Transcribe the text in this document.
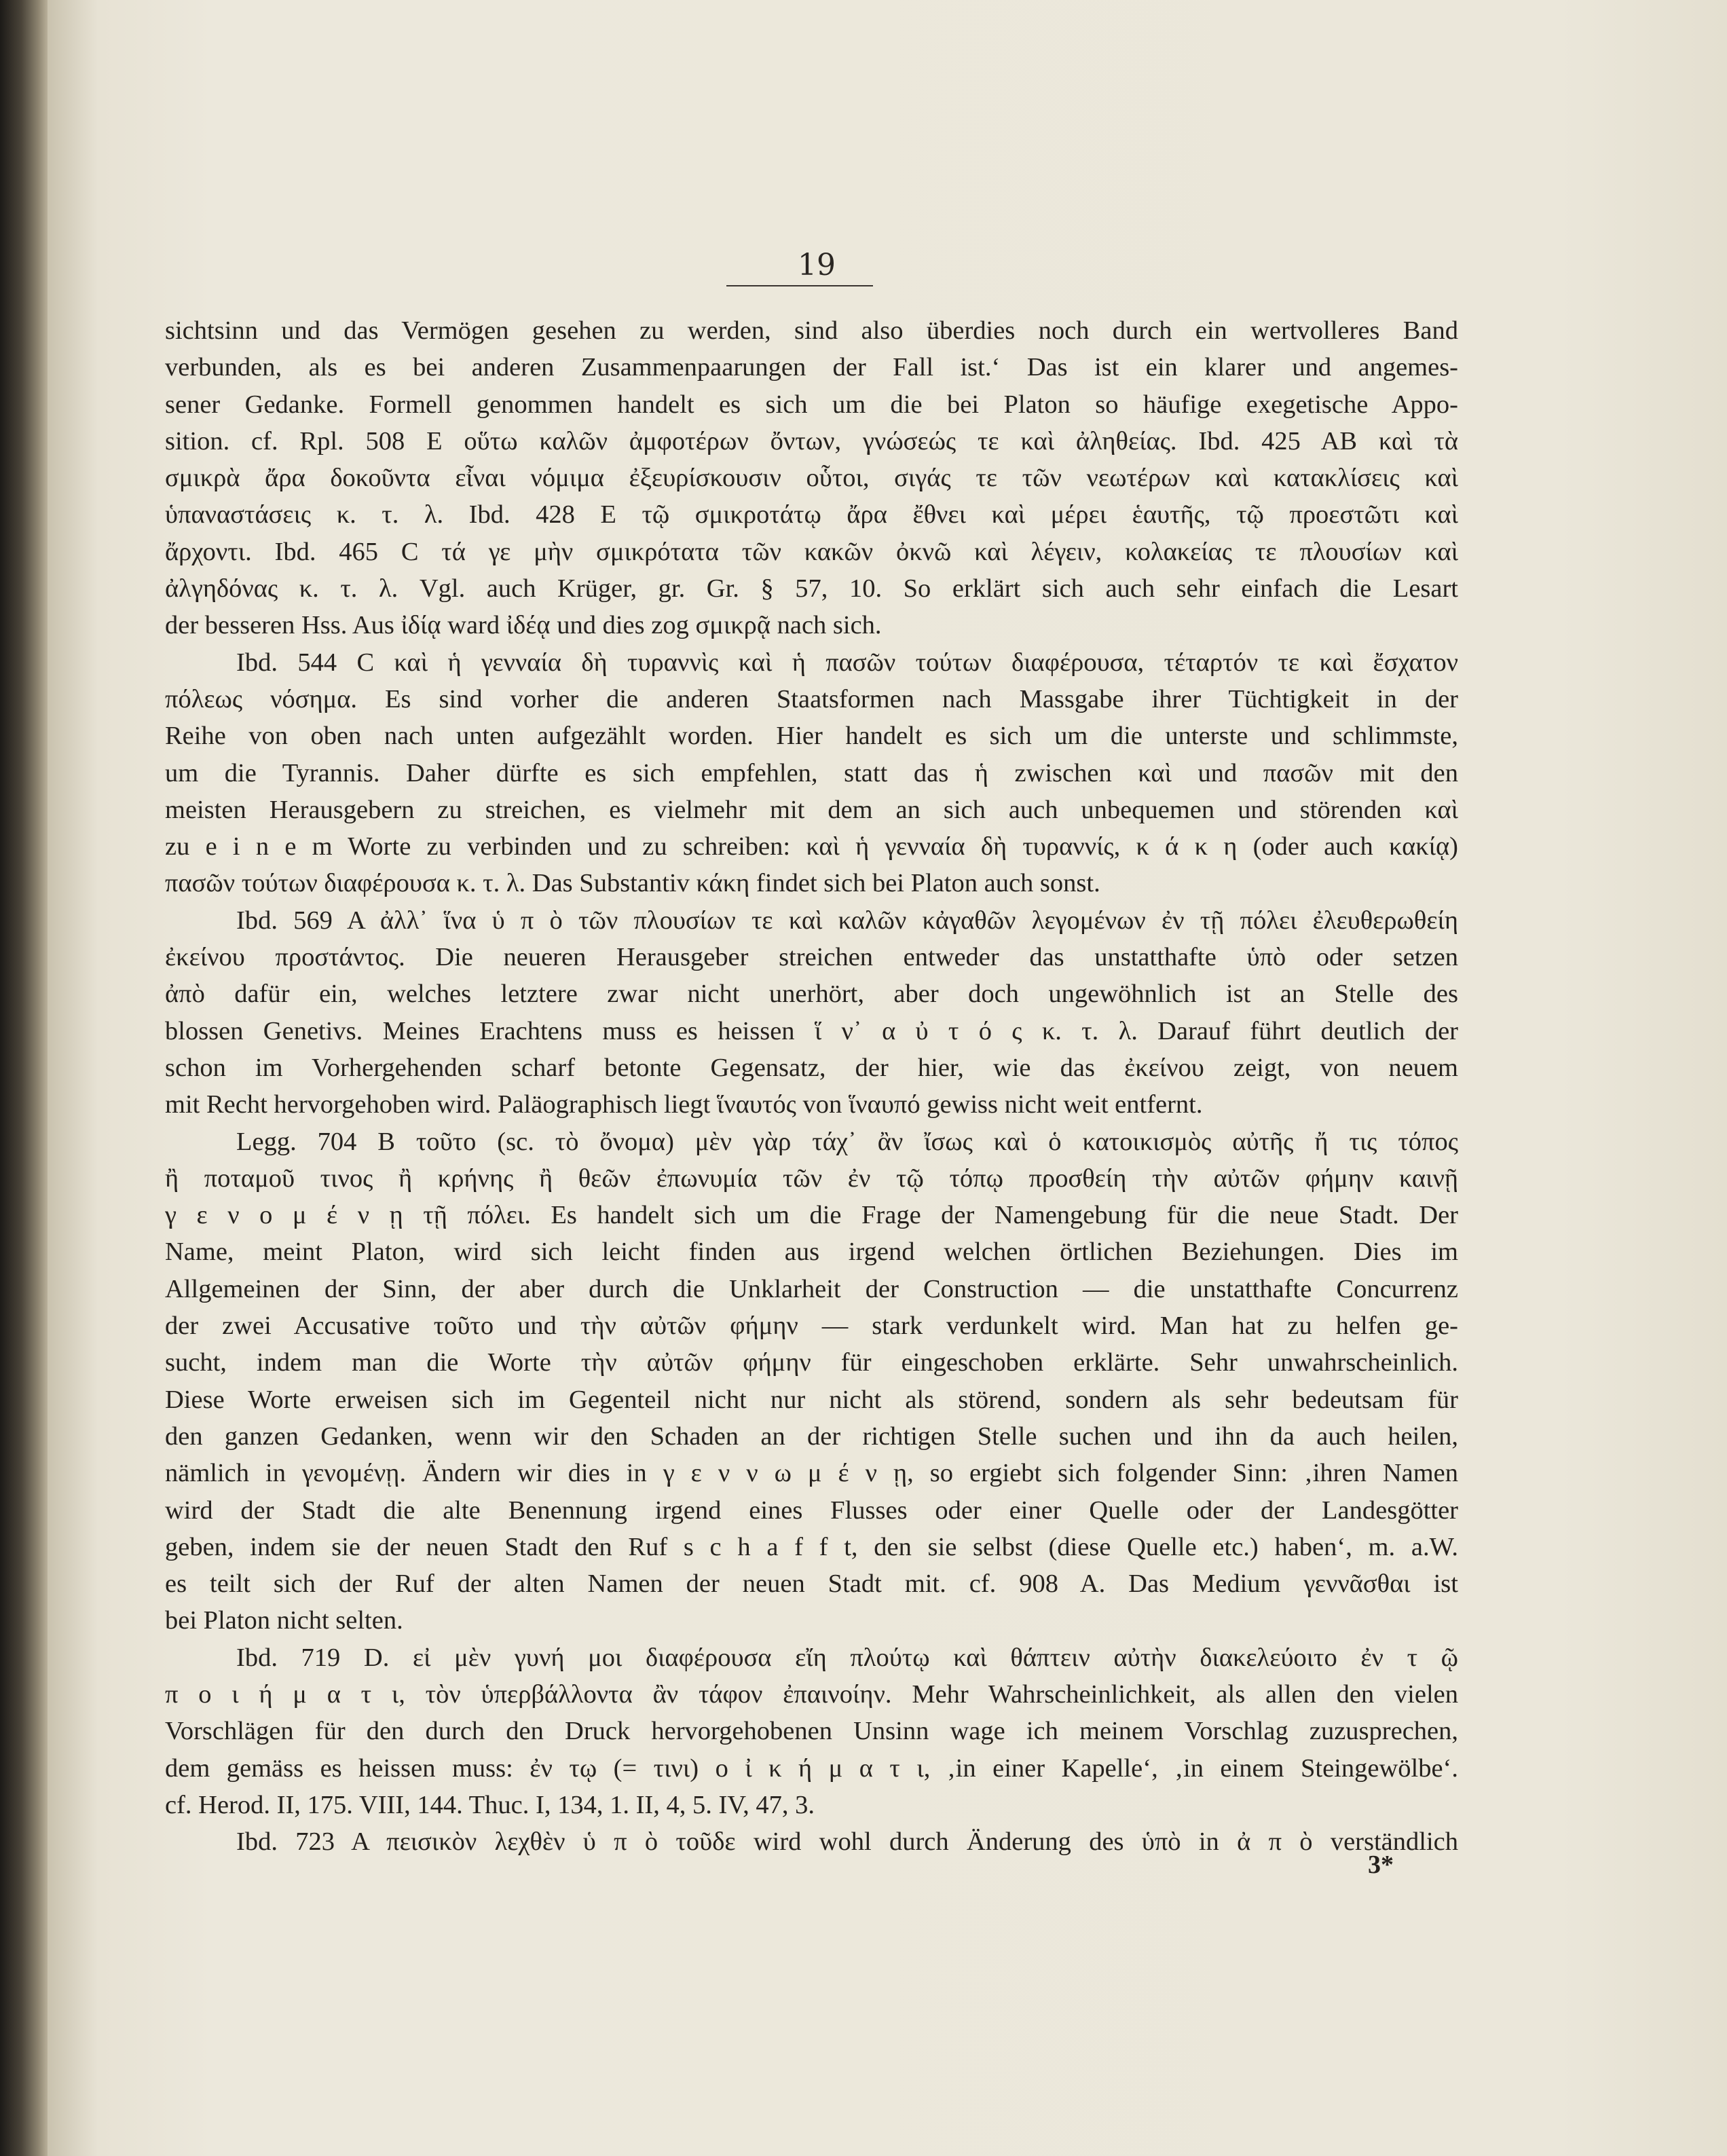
19
sichtsinn und das Vermögen gesehen zu werden, sind also überdies noch durch ein wertvolleres Band
verbunden, als es bei anderen Zusammenpaarungen der Fall ist.‘ Das ist ein klarer und angemes-
sener Gedanke. Formell genommen handelt es sich um die bei Platon so häufige exegetische Appo-
sition. cf. Rpl. 508 E οὕτω καλῶν ἀμφοτέρων ὄντων, γνώσεώς τε καὶ ἀληθείας. Ibd. 425 AB καὶ τὰ
σμικρὰ ἄρα δοκοῦντα εἶναι νόμιμα ἐξευρίσκουσιν οὗτοι, σιγάς τε τῶν νεωτέρων καὶ κατακλίσεις καὶ
ὑπαναστάσεις κ. τ. λ. Ibd. 428 E τῷ σμικροτάτῳ ἄρα ἔθνει καὶ μέρει ἑαυτῆς, τῷ προεστῶτι καὶ
ἄρχοντι. Ibd. 465 C τά γε μὴν σμικρότατα τῶν κακῶν ὀκνῶ καὶ λέγειν, κολακείας τε πλουσίων καὶ
ἀλγηδόνας κ. τ. λ. Vgl. auch Krüger, gr. Gr. § 57, 10. So erklärt sich auch sehr einfach die Lesart
der besseren Hss. Aus ἰδίᾳ ward ἰδέᾳ und dies zog σμικρᾷ nach sich.
Ibd. 544 C καὶ ἡ γενναία δὴ τυραννὶς καὶ ἡ πασῶν τούτων διαφέρουσα, τέταρτόν τε καὶ ἔσχατον
πόλεως νόσημα. Es sind vorher die anderen Staatsformen nach Massgabe ihrer Tüchtigkeit in der
Reihe von oben nach unten aufgezählt worden. Hier handelt es sich um die unterste und schlimmste,
um die Tyrannis. Daher dürfte es sich empfehlen, statt das ἡ zwischen καὶ und πασῶν mit den
meisten Herausgebern zu streichen, es vielmehr mit dem an sich auch unbequemen und störenden καὶ
zu e i n e m Worte zu verbinden und zu schreiben: καὶ ἡ γενναία δὴ τυραννίς, κ ά κ η (oder auch κακίᾳ)
πασῶν τούτων διαφέρουσα κ. τ. λ. Das Substantiv κάκη findet sich bei Platon auch sonst.
Ibd. 569 A ἀλλ᾿ ἵνα ὑ π ὸ τῶν πλουσίων τε καὶ καλῶν κἀγαθῶν λεγομένων ἐν τῇ πόλει ἐλευθερωθείη
ἐκείνου προστάντος. Die neueren Herausgeber streichen entweder das unstatthafte ὑπὸ oder setzen
ἀπὸ dafür ein, welches letztere zwar nicht unerhört, aber doch ungewöhnlich ist an Stelle des
blossen Genetivs. Meines Erachtens muss es heissen ἵ ν᾿ α ὐ τ ό ς κ. τ. λ. Darauf führt deutlich der
schon im Vorhergehenden scharf betonte Gegensatz, der hier, wie das ἐκείνου zeigt, von neuem
mit Recht hervorgehoben wird. Paläographisch liegt ἵναυτός von ἵναυπό gewiss nicht weit entfernt.
Legg. 704 B τοῦτο (sc. τὸ ὄνομα) μὲν γὰρ τάχ᾿ ἂν ἴσως καὶ ὁ κατοικισμὸς αὐτῆς ἤ τις τόπος
ἢ ποταμοῦ τινος ἢ κρήνης ἢ θεῶν ἐπωνυμία τῶν ἐν τῷ τόπῳ προσθείη τὴν αὐτῶν φήμην καινῇ
γ ε ν ο μ έ ν ῃ τῇ πόλει. Es handelt sich um die Frage der Namengebung für die neue Stadt. Der
Name, meint Platon, wird sich leicht finden aus irgend welchen örtlichen Beziehungen. Dies im
Allgemeinen der Sinn, der aber durch die Unklarheit der Construction — die unstatthafte Concurrenz
der zwei Accusative τοῦτο und τὴν αὐτῶν φήμην — stark verdunkelt wird. Man hat zu helfen ge-
sucht, indem man die Worte τὴν αὐτῶν φήμην für eingeschoben erklärte. Sehr unwahrscheinlich.
Diese Worte erweisen sich im Gegenteil nicht nur nicht als störend, sondern als sehr bedeutsam für
den ganzen Gedanken, wenn wir den Schaden an der richtigen Stelle suchen und ihn da auch heilen,
nämlich in γενομένῃ. Ändern wir dies in γ ε ν ν ω μ έ ν ῃ, so ergiebt sich folgender Sinn: ‚ihren Namen
wird der Stadt die alte Benennung irgend eines Flusses oder einer Quelle oder der Landesgötter
geben, indem sie der neuen Stadt den Ruf s c h a f f t, den sie selbst (diese Quelle etc.) haben‘, m. a.W.
es teilt sich der Ruf der alten Namen der neuen Stadt mit. cf. 908 A. Das Medium γεννᾶσθαι ist
bei Platon nicht selten.
Ibd. 719 D. εἰ μὲν γυνή μοι διαφέρουσα εἴη πλούτῳ καὶ θάπτειν αὐτὴν διακελεύοιτο ἐν τ ῷ
π ο ι ή μ α τ ι, τὸν ὑπερβάλλοντα ἂν τάφον ἐπαινοίην. Mehr Wahrscheinlichkeit, als allen den vielen
Vorschlägen für den durch den Druck hervorgehobenen Unsinn wage ich meinem Vorschlag zuzusprechen,
dem gemäss es heissen muss: ἐν τῳ (= τινι) ο ἰ κ ή μ α τ ι, ‚in einer Kapelle‘, ‚in einem Steingewölbe‘.
cf. Herod. II, 175. VIII, 144. Thuc. I, 134, 1. II, 4, 5. IV, 47, 3.
Ibd. 723 A πεισικὸν λεχθὲν ὑ π ὸ τοῦδε wird wohl durch Änderung des ὑπὸ in ἀ π ὸ verständlich
3*
